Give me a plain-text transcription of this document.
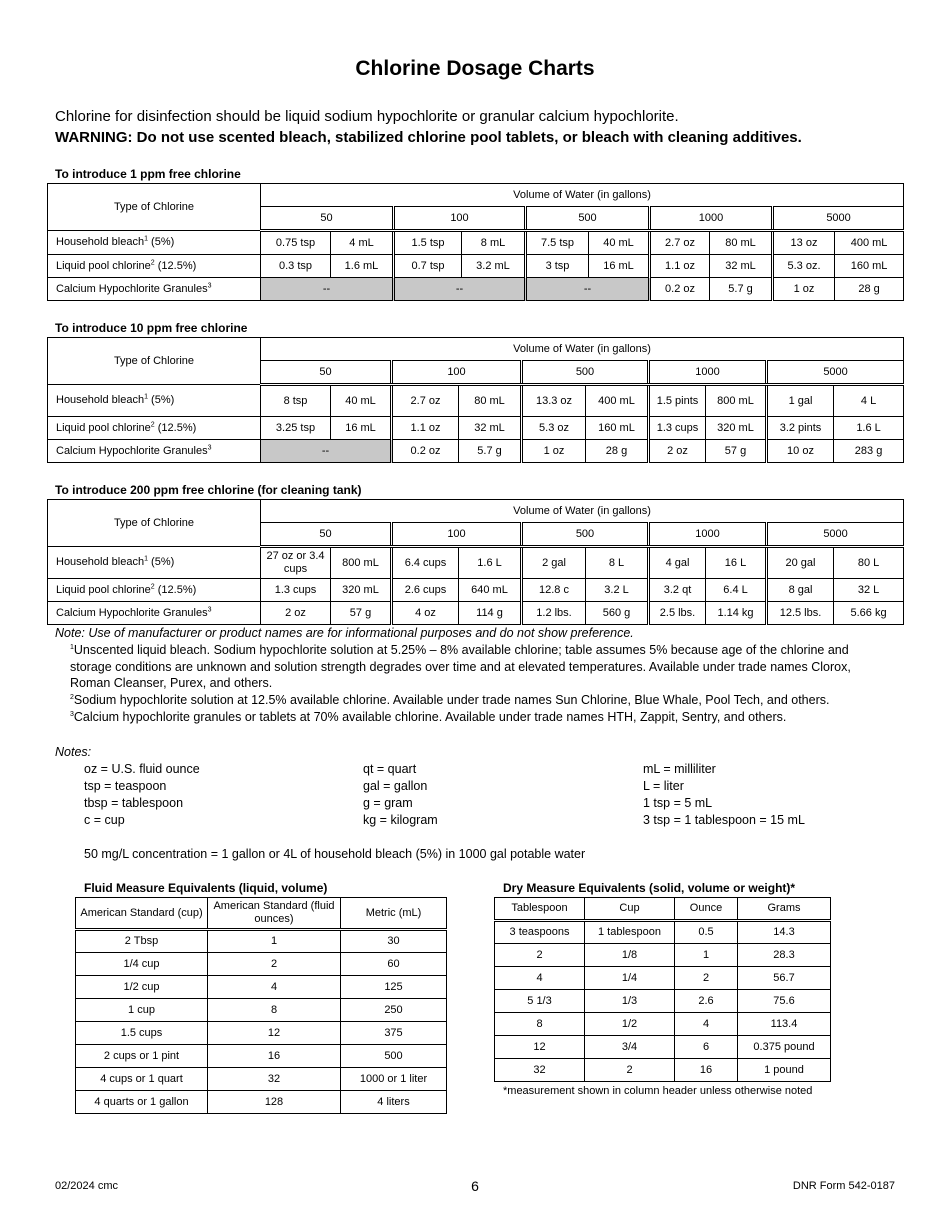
Chlorine Dosage Charts
Chlorine for disinfection should be liquid sodium hypochlorite or granular calcium hypochlorite.
WARNING: Do not use scented bleach, stabilized chlorine pool tablets, or bleach with cleaning additives.
To introduce 1 ppm free chlorine
Type of Chlorine	Volume of Water (in gallons)									
	50		100		500		1000		5000	
Household bleach$^1$ (5%)	0.75 tsp	4 mL	1.5 tsp	8 mL	7.5 tsp	40 mL	2.7 oz	80 mL	13 oz	400 mL
Liquid pool chlorine$^2$ (12.5%)	0.3 tsp	1.6 mL	0.7 tsp	3.2 mL	3 tsp	16 mL	1.1 oz	32 mL	5.3 oz.	160 mL
Calcium Hypochlorite Granules$^3$	--		--		--		0.2 oz	5.7 g	1 oz	28 g
To introduce 10 ppm free chlorine
Type of Chlorine	Volume of Water (in gallons)									
	50		100		500		1000		5000	
Household bleach$^1$ (5%)	8 tsp	40 mL	2.7 oz	80 mL	13.3 oz	400 mL	1.5 pints	800 mL	1 gal	4 L
Liquid pool chlorine$^2$ (12.5%)	3.25 tsp	16 mL	1.1 oz	32 mL	5.3 oz	160 mL	1.3 cups	320 mL	3.2 pints	1.6 L
Calcium Hypochlorite Granules$^3$	--		0.2 oz	5.7 g	1 oz	28 g	2 oz	57 g	10 oz	283 g
To introduce 200 ppm free chlorine (for cleaning tank)
Type of Chlorine	Volume of Water (in gallons)									
	50		100		500		1000		5000	
Household bleach$^1$ (5%)	27 oz or 3.4 cups	800 mL	6.4 cups	1.6 L	2 gal	8 L	4 gal	16 L	20 gal	80 L
Liquid pool chlorine$^2$ (12.5%)	1.3 cups	320 mL	2.6 cups	640 mL	12.8 c	3.2 L	3.2 qt	6.4 L	8 gal	32 L
Calcium Hypochlorite Granules$^3$	2 oz	57 g	4 oz	114 g	1.2 lbs.	560 g	2.5 lbs.	1.14 kg	12.5 lbs.	5.66 kg
Note: Use of manufacturer or product names are for informational purposes and do not show preference.
$^1$Unscented liquid bleach. Sodium hypochlorite solution at 5.25% – 8% available chlorine; table assumes 5% because age of the chlorine and storage conditions are unknown and solution strength degrades over time and at elevated temperatures. Available under trade names Clorox, Roman Cleanser, Purex, and others.
$^2$Sodium hypochlorite solution at 12.5% available chlorine. Available under trade names Sun Chlorine, Blue Whale, Pool Tech, and others.
$^3$Calcium hypochlorite granules or tablets at 70% available chlorine. Available under trade names HTH, Zappit, Sentry, and others.
Notes:
oz = U.S. fluid ounce
tsp = teaspoon
tbsp = tablespoon
c = cup
qt = quart
gal = gallon
g = gram
kg = kilogram
mL = milliliter
L = liter
1 tsp = 5 mL
3 tsp = 1 tablespoon = 15 mL
50 mg/L concentration = 1 gallon or 4L of household bleach (5%) in 1000 gal potable water
Fluid Measure Equivalents (liquid, volume)
American Standard (cup)	American Standard (fluid ounces)	Metric (mL)
2 Tbsp	1	30
1/4 cup	2	60
1/2 cup	4	125
1 cup	8	250
1.5 cups	12	375
2 cups or 1 pint	16	500
4 cups or 1 quart	32	1000 or 1 liter
4 quarts or 1 gallon	128	4 liters
Dry Measure Equivalents (solid, volume or weight)*
Tablespoon	Cup	Ounce	Grams
3 teaspoons	1 tablespoon	0.5	14.3
2	1/8	1	28.3
4	1/4	2	56.7
5 1/3	1/3	2.6	75.6
8	1/2	4	113.4
12	3/4	6	0.375 pound
32	2	16	1 pound
*measurement shown in column header unless otherwise noted
02/2024 cmc	6	DNR Form 542-0187
